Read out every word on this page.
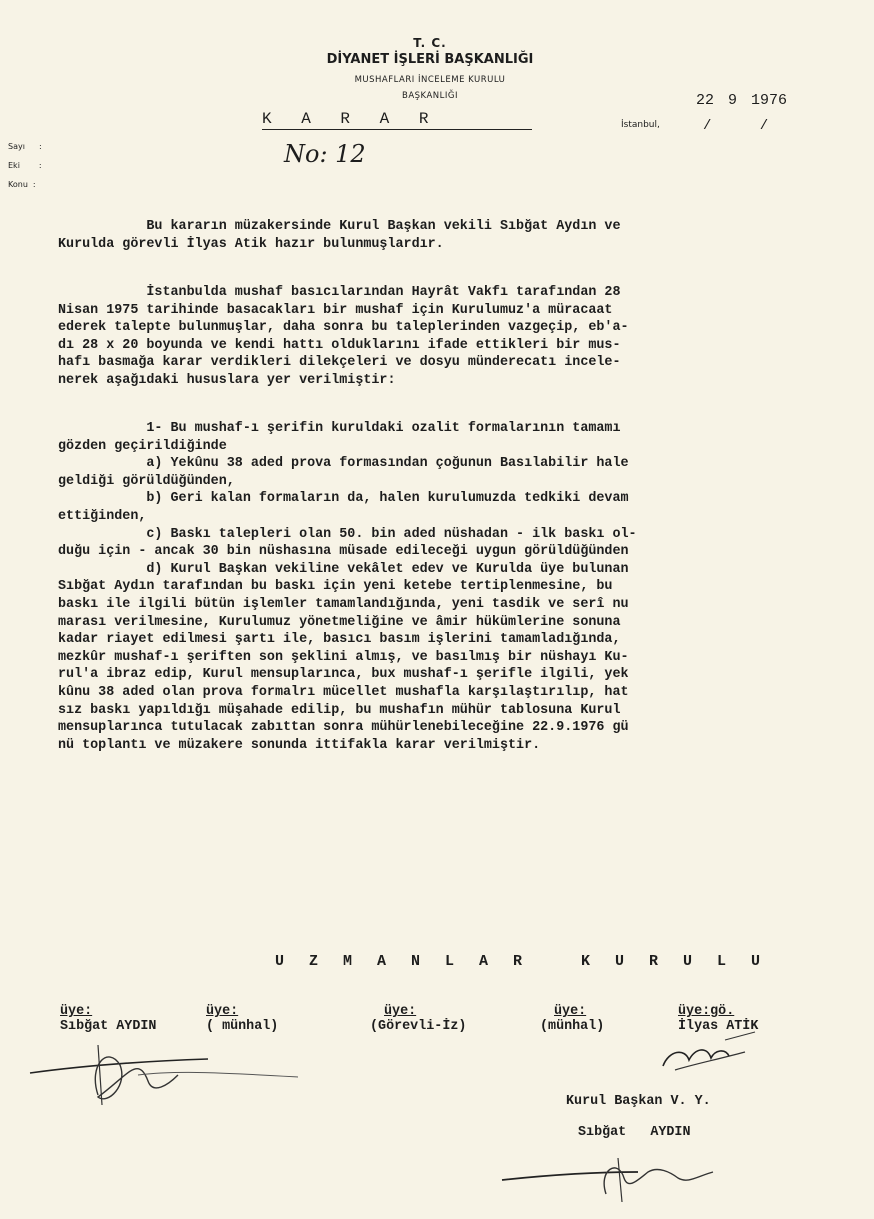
T. C.
DİYANET İŞLERİ BAŞKANLIĞI
MUSHAFLARI İNCELEME KURULU
BAŞKANLIĞI
K A R A R
No: 12
22 9 1976
İstanbul,	/ /
Sayı :
Eki :
Konu :
Bu kararın müzakersinde Kurul Başkan vekili Sıbğat Aydın ve
Kurulda görevli İlyas Atik hazır bulunmuşlardır.
İstanbulda mushaf basıcılarından Hayrât Vakfı tarafından 28
Nisan 1975 tarihinde basacakları bir mushaf için Kurulumuz'a müracaat
ederek talepte bulunmuşlar, daha sonra bu taleplerinden vazgeçip, eb'a-
dı 28 x 20 boyunda ve kendi hattı olduklarını ifade ettikleri bir mus-
hafı basmağa karar verdikleri dilekçeleri ve dosyu münderecatı incele-
nerek aşağıdaki hususlara yer verilmiştir:
1- Bu mushaf-ı şerifin kuruldaki ozalit formalarının tamamı
gözden geçirildiğinde
a) Yekûnu 38 aded prova formasından çoğunun Basılabilir hale
geldiği görüldüğünden,
b) Geri kalan formaların da, halen kurulumuzda tedkiki devam
ettiğinden,
c) Baskı talepleri olan 50. bin aded nüshadan - ilk baskı ol-
duğu için - ancak 30 bin nüshasına müsade edileceği uygun görüldüğünden
d) Kurul Başkan vekiline vekâlet edev ve Kurulda üye bulunan
Sıbğat Aydın tarafından bu baskı için yeni ketebe tertiplenmesine, bu
baskı ile ilgili bütün işlemler tamamlandığında, yeni tasdik ve serî nu
marası verilmesine, Kurulumuz yönetmeliğine ve âmir hükümlerine sonuna
kadar riayet edilmesi şartı ile, basıcı basım işlerini tamamladığında,
mezkûr mushaf-ı şeriften son şeklini almış, ve basılmış bir nüshayı Ku-
rul'a ibraz edip, Kurul mensuplarınca, bux mushaf-ı şerifle ilgili, yek
kûnu 38 aded olan prova formalrı mücellet mushafla karşılaştırılıp, hat
sız baskı yapıldığı müşahade edilip, bu mushafın mühür tablosuna Kurul
mensuplarınca tutulacak zabıttan sonra mühürlenebileceğine 22.9.1976 gü
nü toplantı ve müzakere sonunda ittifakla karar verilmiştir.
U Z M A N L A R   K U R U L U
üye:
Sıbğat AYDIN
üye:
( münhal)
üye:
(Görevli-İz)
üye:
(münhal)
üye:gö.
İlyas ATİK
Kurul Başkan V. Y.
Sıbğat   AYDIN
